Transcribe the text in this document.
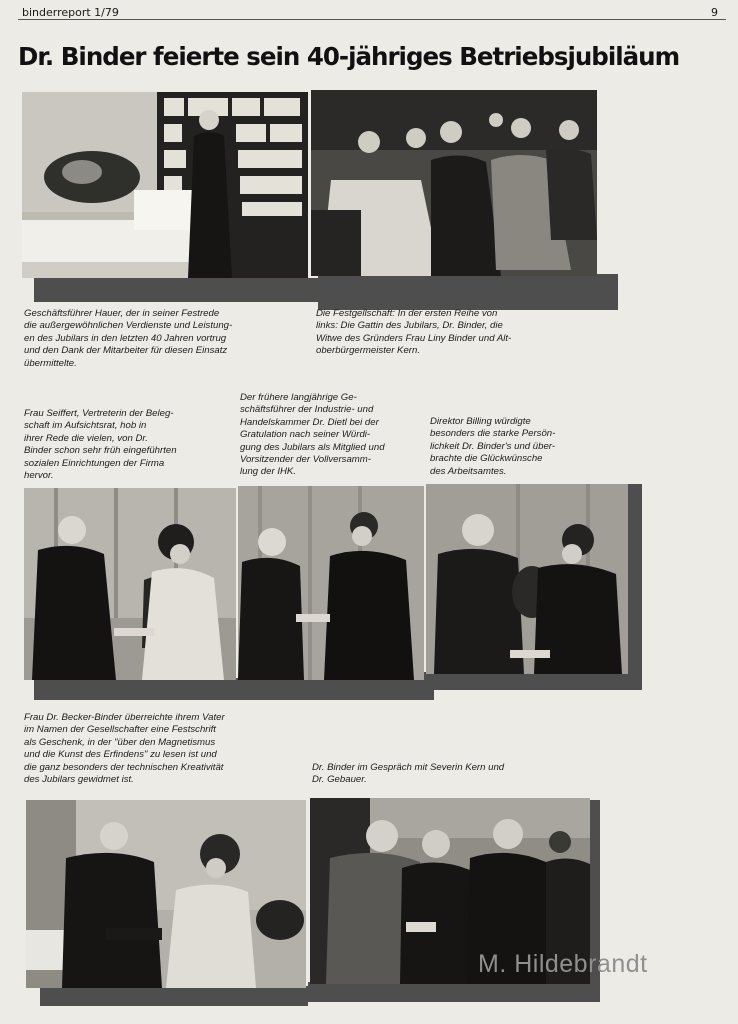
binderreport 1/79	9
Dr. Binder feierte sein 40-jähriges Betriebsjubiläum
Geschäftsführer Hauer, der in seiner Festrede
die außergewöhnlichen Verdienste und Leistung-
en des Jubilars in den letzten 40 Jahren vortrug
und den Dank der Mitarbeiter für diesen Einsatz
übermittelte.
Die Festgellschaft: In der ersten Reihe von
links: Die Gattin des Jubilars, Dr. Binder, die
Witwe des Gründers Frau Liny Binder und Alt-
oberbürgermeister Kern.
Frau Seiffert, Vertreterin der Beleg-
schaft im Aufsichtsrat, hob in
ihrer Rede die vielen, von Dr.
Binder schon sehr früh eingeführten
sozialen Einrichtungen der Firma
hervor.
Der frühere langjährige Ge-
schäftsführer der Industrie- und
Handelskammer Dr. Dietl bei der
Gratulation nach seiner Würdi-
gung des Jubilars als Mitglied und
Vorsitzender der Vollversamm-
lung der IHK.
Direktor Billing würdigte
besonders die starke Persön-
lichkeit Dr. Binder's und über-
brachte die Glückwünsche
des Arbeitsamtes.
Frau Dr. Becker-Binder überreichte ihrem Vater
im Namen der Gesellschafter eine Festschrift
als Geschenk, in der "über den Magnetismus
und die Kunst des Erfindens" zu lesen ist und
die ganz besonders der technischen Kreativität
des Jubilars gewidmet ist.
Dr. Binder im Gespräch mit Severin Kern und
Dr. Gebauer.
M. Hildebrandt
